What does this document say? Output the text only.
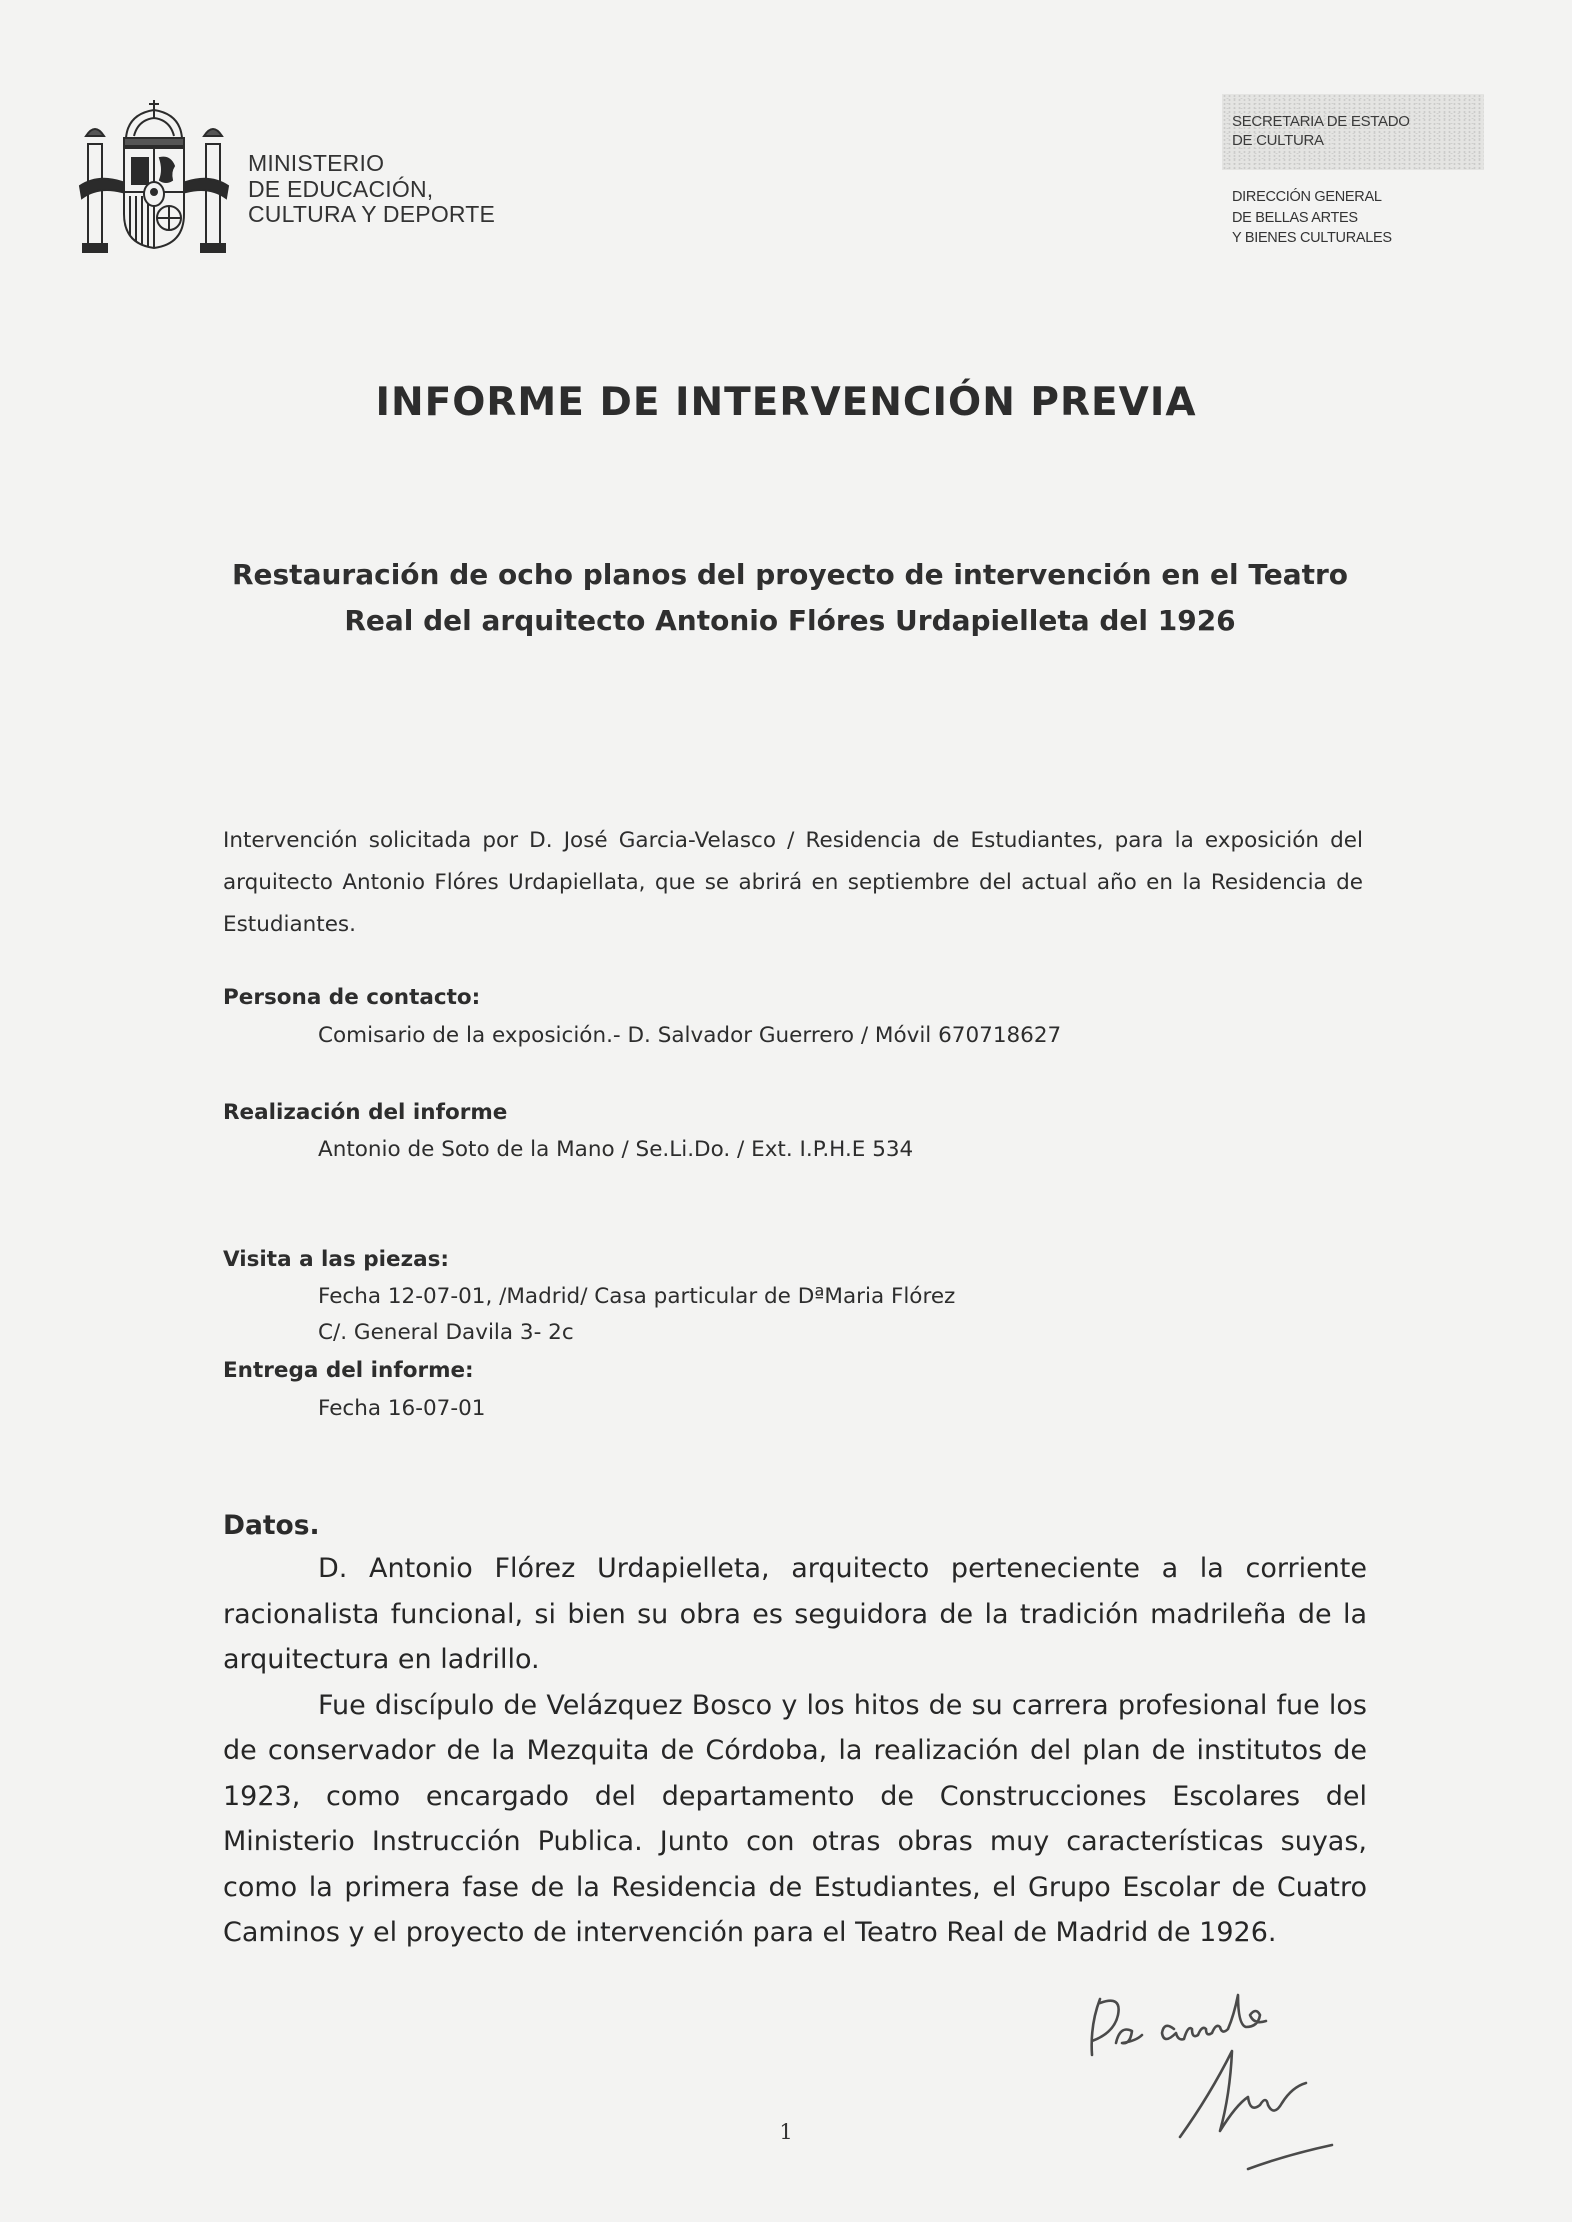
MINISTERIO
DE EDUCACIÓN,
CULTURA Y DEPORTE
SECRETARIA DE ESTADO
DE CULTURA
DIRECCIÓN GENERAL
DE BELLAS ARTES
Y BIENES CULTURALES
INFORME DE INTERVENCIÓN PREVIA
Restauración de ocho planos del proyecto de intervención en el Teatro
Real del arquitecto Antonio Flóres Urdapielleta del 1926
Intervención solicitada por D. José Garcia-Velasco / Residencia de Estudiantes, para la exposición del arquitecto Antonio Flóres Urdapiellata, que se abrirá en septiembre del actual año en la Residencia de Estudiantes.
Persona de contacto:
Comisario de la exposición.- D. Salvador Guerrero / Móvil 670718627
Realización del informe
Antonio de Soto de la Mano / Se.Li.Do. / Ext. I.P.H.E 534
Visita a las piezas:
Fecha 12-07-01, /Madrid/ Casa particular de DªMaria Flórez
C/. General Davila 3- 2c
Entrega del informe:
Fecha 16-07-01
Datos.

D. Antonio Flórez Urdapielleta, arquitecto perteneciente a la corriente racionalista funcional, si bien su obra es seguidora de la tradición madrileña de la arquitectura en ladrillo.

Fue discípulo de Velázquez Bosco y los hitos de su carrera profesional fue los de conservador de la Mezquita de Córdoba, la realización del plan de institutos de 1923, como encargado del departamento de Construcciones Escolares del Ministerio Instrucción Publica. Junto con otras obras muy características suyas, como la primera fase de la Residencia de Estudiantes, el Grupo Escolar de Cuatro Caminos y el proyecto de intervención para el Teatro Real de Madrid de 1926.

1
